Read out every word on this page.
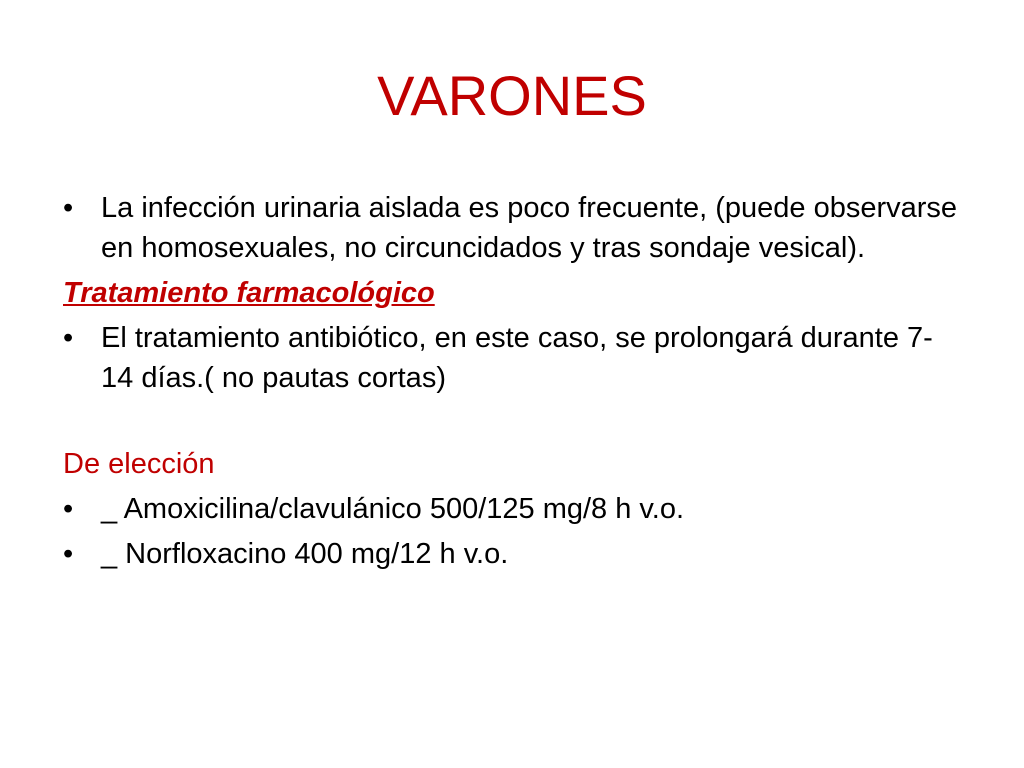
VARONES

• La infección urinaria aislada es poco frecuente, (puede observarse en homosexuales, no circuncidados y tras sondaje vesical).

Tratamiento farmacológico

• El tratamiento antibiótico, en este caso, se prolongará durante 7-14 días.( no pautas cortas)

De elección

• _ Amoxicilina/clavulánico 500/125 mg/8 h v.o.

• _ Norfloxacino 400 mg/12 h v.o.
